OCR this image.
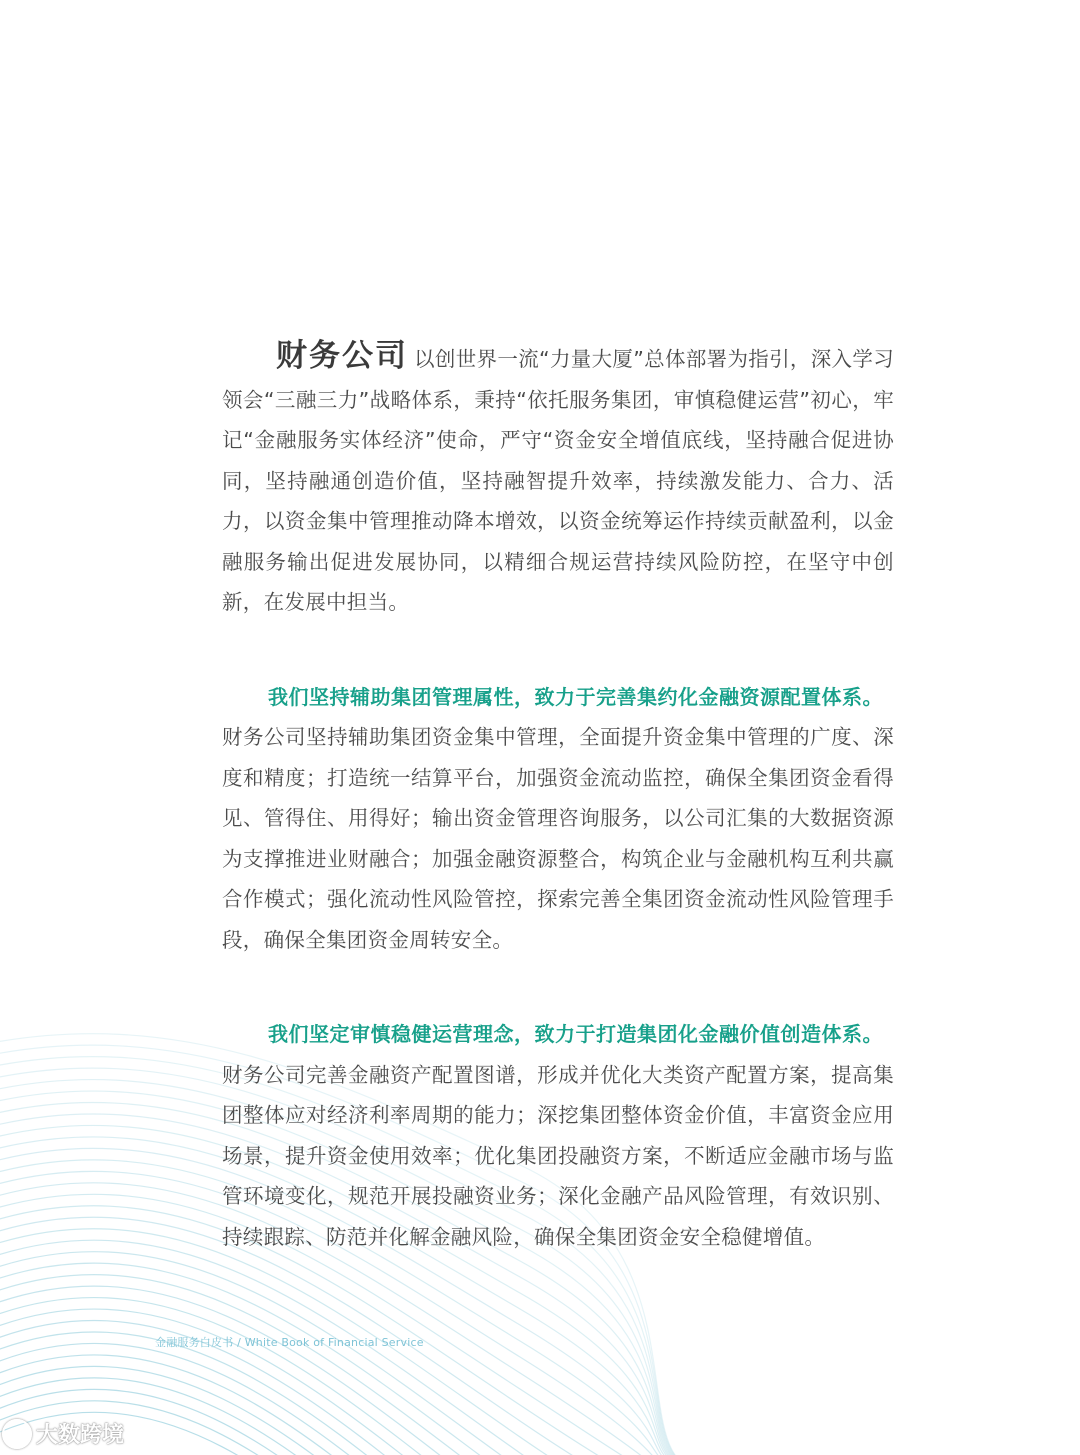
财务公司 以创世界一流“力量大厦”总体部署为指引，深入学习领会“三融三力”战略体系，秉持“依托服务集团，审慎稳健运营”初心，牢记“金融服务实体经济”使命，严守“资金安全增值底线，坚持融合促进协同，坚持融通创造价值，坚持融智提升效率，持续激发能力、合力、活力，以资金集中管理推动降本增效，以资金统筹运作持续贡献盈利，以金融服务输出促进发展协同，以精细合规运营持续风险防控，在坚守中创新，在发展中担当。

我们坚持辅助集团管理属性，致力于完善集约化金融资源配置体系。

财务公司坚持辅助集团资金集中管理，全面提升资金集中管理的广度、深度和精度；打造统一结算平台，加强资金流动监控，确保全集团资金看得见、管得住、用得好；输出资金管理咨询服务，以公司汇集的大数据资源为支撑推进业财融合；加强金融资源整合，构筑企业与金融机构互利共赢合作模式；强化流动性风险管控，探索完善全集团资金流动性风险管理手段，确保全集团资金周转安全。

我们坚定审慎稳健运营理念，致力于打造集团化金融价值创造体系。

财务公司完善金融资产配置图谱，形成并优化大类资产配置方案，提高集团整体应对经济利率周期的能力；深挖集团整体资金价值，丰富资金应用场景，提升资金使用效率；优化集团投融资方案，不断适应金融市场与监管环境变化，规范开展投融资业务；深化金融产品风险管理，有效识别、持续跟踪、防范并化解金融风险，确保全集团资金安全稳健增值。

金融服务白皮书 / White Book of Financial Service
大数跨境
